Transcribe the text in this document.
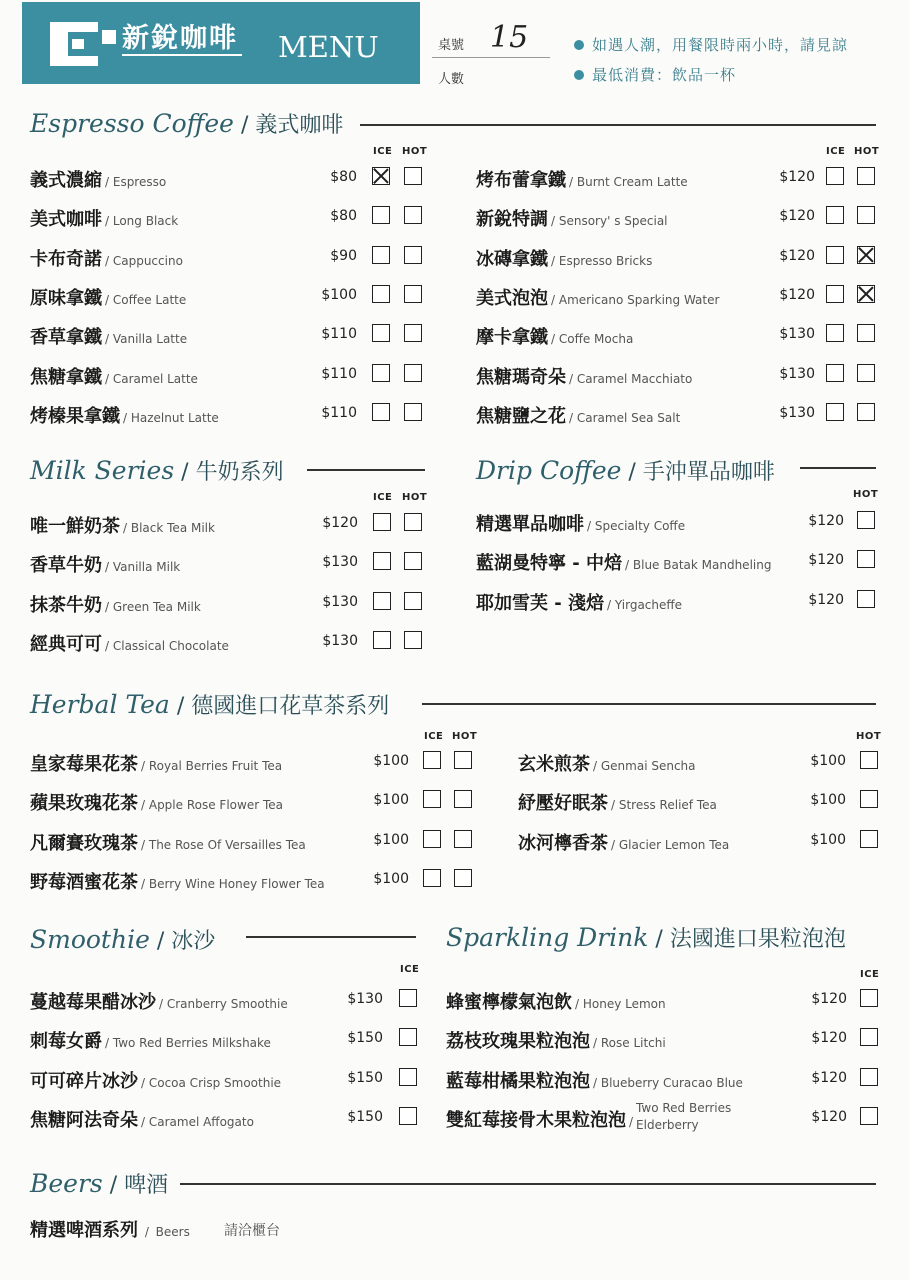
新銳咖啡 MENU	桌號 15
人數
如遇人潮，用餐限時兩小時，請見諒
最低消費：飲品一杯
Espresso Coffee / 義式咖啡
ICE HOT	ICE HOT
義式濃縮 / Espresso	$80
美式咖啡 / Long Black	$80
卡布奇諾 / Cappuccino	$90
原味拿鐵 / Coffee Latte	$100
香草拿鐵 / Vanilla Latte	$110
焦糖拿鐵 / Caramel Latte	$110
烤榛果拿鐵 / Hazelnut Latte	$110
烤布蕾拿鐵 / Burnt Cream Latte	$120
新銳特調 / Sensory' s Special	$120
冰磚拿鐵 / Espresso Bricks	$120
美式泡泡 / Americano Sparking Water	$120
摩卡拿鐵 / Coffe Mocha	$130
焦糖瑪奇朵 / Caramel Macchiato	$130
焦糖鹽之花 / Caramel Sea Salt	$130
Milk Series / 牛奶系列
ICE HOT
唯一鮮奶茶 / Black Tea Milk	$120
香草牛奶 / Vanilla Milk	$130
抹茶牛奶 / Green Tea Milk	$130
經典可可 / Classical Chocolate	$130
Drip Coffee / 手沖單品咖啡
HOT
精選單品咖啡 / Specialty Coffe	$120
藍湖曼特寧 - 中焙 / Blue Batak Mandheling	$120
耶加雪芙 - 淺焙 / Yirgacheffe	$120
Herbal Tea / 德國進口花草茶系列
ICE HOT	HOT
皇家莓果花茶 / Royal Berries Fruit Tea	$100
蘋果玫瑰花茶 / Apple Rose Flower Tea	$100
凡爾賽玫瑰茶 / The Rose Of Versailles Tea	$100
野莓酒蜜花茶 / Berry Wine Honey Flower Tea	$100
玄米煎茶 / Genmai Sencha	$100
紓壓好眠茶 / Stress Relief Tea	$100
冰河檸香茶 / Glacier Lemon Tea	$100
Smoothie / 冰沙
ICE
蔓越莓果醋冰沙 / Cranberry Smoothie	$130
刺莓女爵 / Two Red Berries Milkshake	$150
可可碎片冰沙 / Cocoa Crisp Smoothie	$150
焦糖阿法奇朵 / Caramel Affogato	$150
Sparkling Drink / 法國進口果粒泡泡
ICE
蜂蜜檸檬氣泡飲 / Honey Lemon	$120
荔枝玫瑰果粒泡泡 / Rose Litchi	$120
藍莓柑橘果粒泡泡 / Blueberry Curacao Blue	$120
雙紅莓接骨木果粒泡泡 /
Two Red Berries
Elderberry	$120
Beers / 啤酒
精選啤酒系列 / Beers 請洽櫃台
